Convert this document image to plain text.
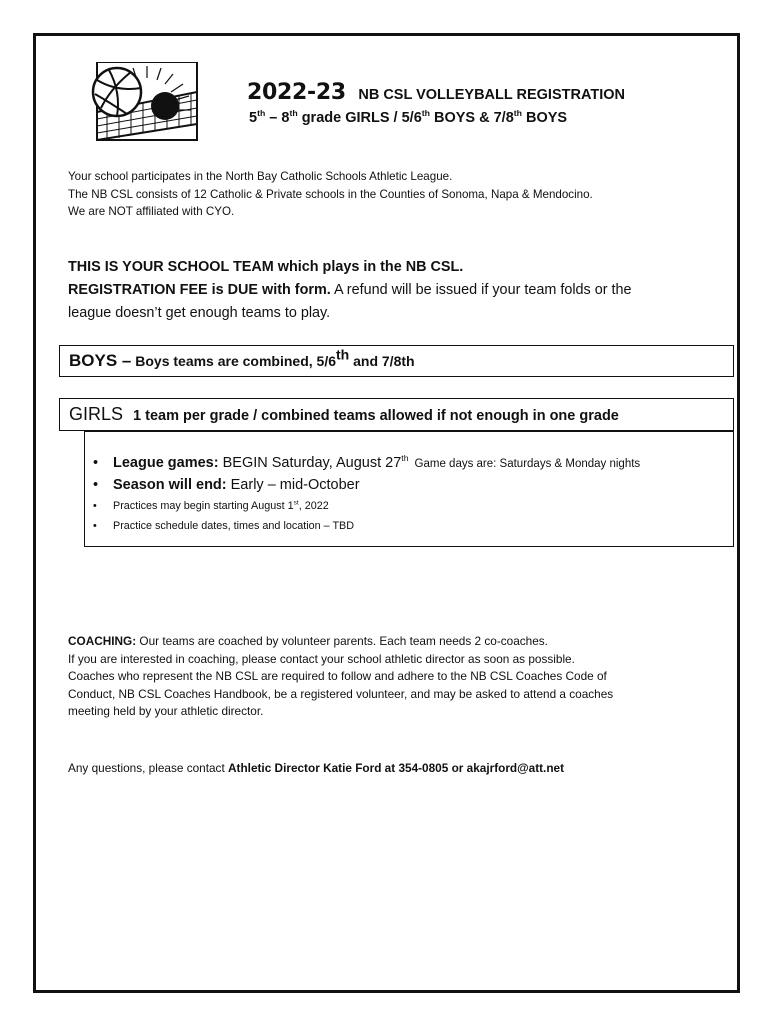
2022-23 NB CSL VOLLEYBALL REGISTRATION
5th – 8th grade GIRLS / 5/6th BOYS & 7/8th BOYS
Your school participates in the North Bay Catholic Schools Athletic League.
The NB CSL consists of 12 Catholic & Private schools in the Counties of Sonoma, Napa & Mendocino.
We are NOT affiliated with CYO.
THIS IS YOUR SCHOOL TEAM which plays in the NB CSL.
REGISTRATION FEE is DUE with form. A refund will be issued if your team folds or the
league doesn’t get enough teams to play.
BOYS – Boys teams are combined, 5/6th and 7/8th
GIRLS 1 team per grade / combined teams allowed if not enough in one grade
• League games: BEGIN Saturday, August 27th Game days are: Saturdays & Monday nights
• Season will end: Early – mid-October
• Practices may begin starting August 1st, 2022
• Practice schedule dates, times and location – TBD
COACHING: Our teams are coached by volunteer parents. Each team needs 2 co-coaches.
If you are interested in coaching, please contact your school athletic director as soon as possible.
Coaches who represent the NB CSL are required to follow and adhere to the NB CSL Coaches Code of
Conduct, NB CSL Coaches Handbook, be a registered volunteer, and may be asked to attend a coaches
meeting held by your athletic director.
Any questions, please contact Athletic Director Katie Ford at 354-0805 or akajrford@att.net
